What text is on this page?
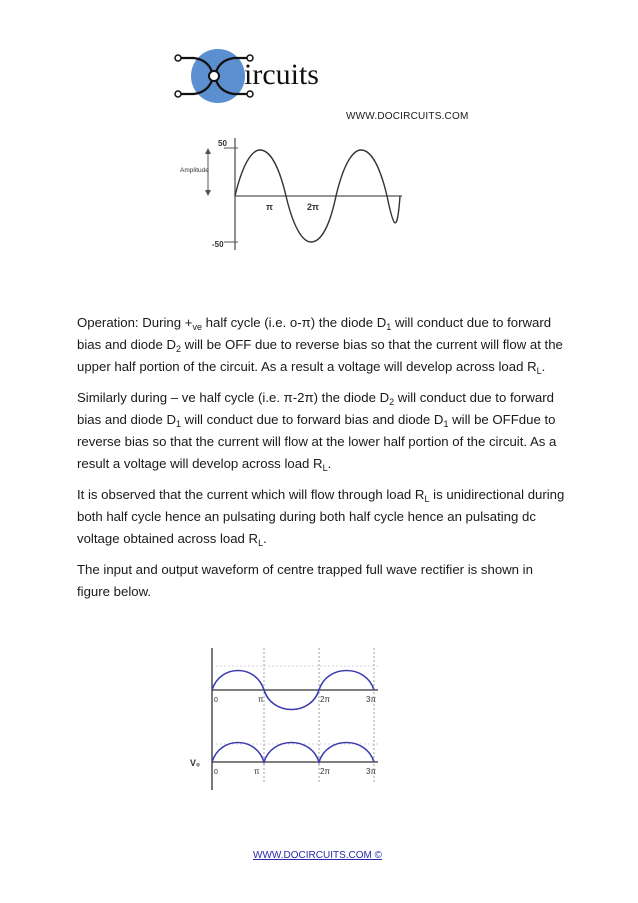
ircuits
WWW.DOCIRCUITS.COM
50
-50
Amplitude
π	2π

Operation: During $+_{ve}$ half cycle (i.e. o-π) the diode $D_1$ will conduct due to forward bias and diode $D_2$ will be OFF due to reverse bias so that the current will flow at the upper half portion of the circuit. As a result a voltage will develop across load $R_L$.

Similarly during – ve half cycle (i.e. π-2π) the diode $D_2$ will conduct due to forward bias and diode $D_1$ will conduct due to forward bias and diode $D_1$ will be OFFdue to reverse bias so that the current will flow at the lower half portion of the circuit. As a result a voltage will develop across load $R_L$.

It is observed that the current which will flow through load $R_L$ is unidirectional during both half cycle hence an pulsating during both half cycle hence an pulsating dc voltage obtained across load $R_L$.

The input and output waveform of centre trapped full wave rectifier is shown in figure below.

0	π	2π	3π
0	π	2π	3π
V₀
WWW.DOCIRCUITS.COM ©
